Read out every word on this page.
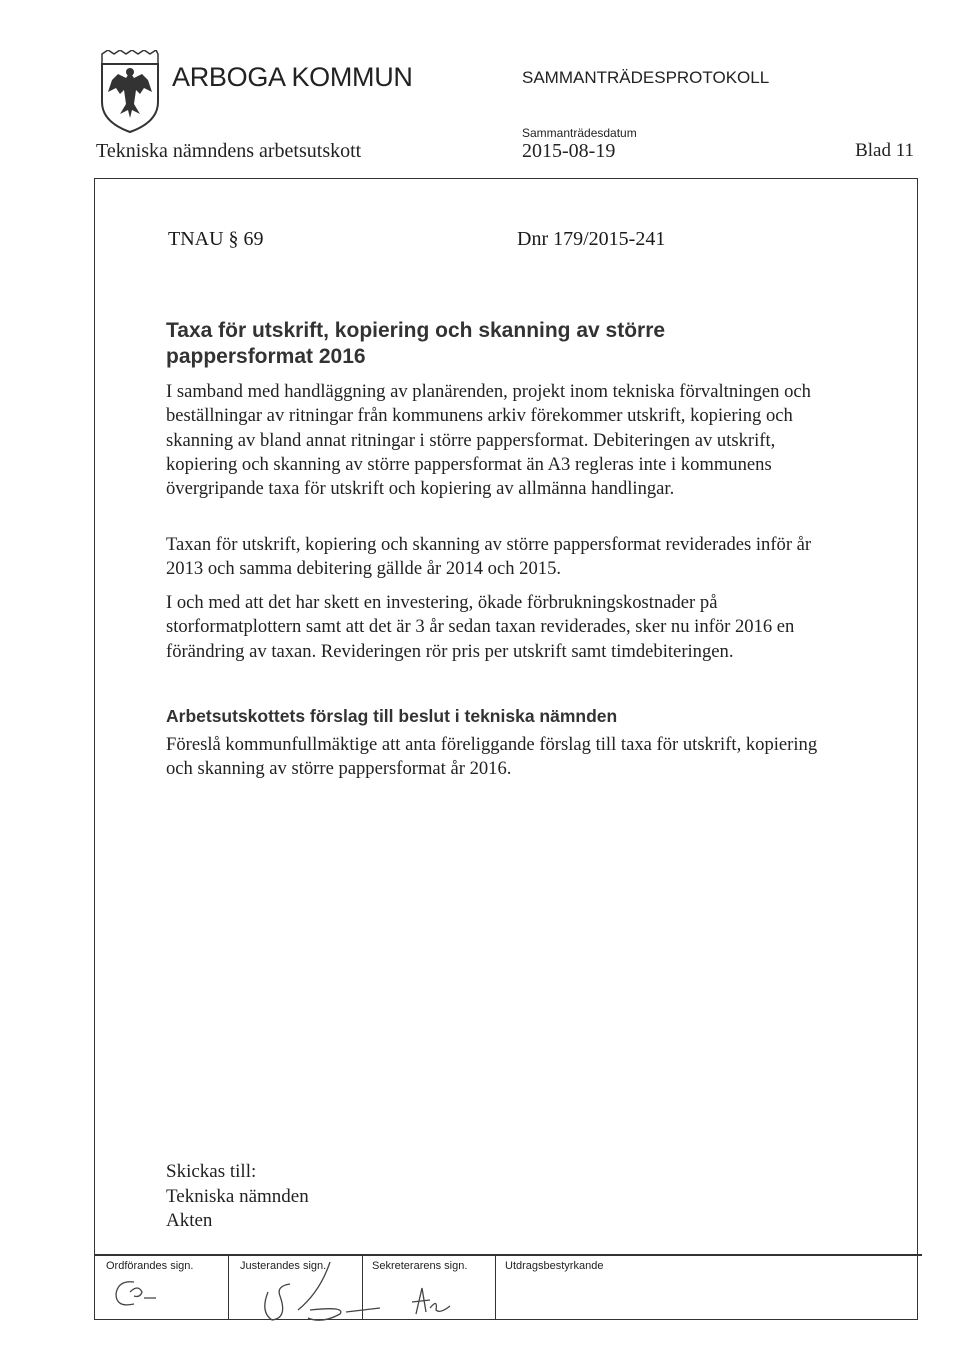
ARBOGA KOMMUN	SAMMANTRÄDESPROTOKOLL
Sammanträdesdatum
Tekniska nämndens arbetsutskott	2015-08-19	Blad 11
TNAU § 69	Dnr 179/2015-241
Taxa för utskrift, kopiering och skanning av större pappersformat 2016
I samband med handläggning av planärenden, projekt inom tekniska förvaltningen och beställningar av ritningar från kommunens arkiv förekommer utskrift, kopiering och skanning av bland annat ritningar i större pappersformat. Debiteringen av utskrift, kopiering och skanning av större pappersformat än A3 regleras inte i kommunens övergripande taxa för utskrift och kopiering av allmänna handlingar.
Taxan för utskrift, kopiering och skanning av större pappersformat reviderades inför år 2013 och samma debitering gällde år 2014 och 2015.
I och med att det har skett en investering, ökade förbrukningskostnader på storformatplottern samt att det är 3 år sedan taxan reviderades, sker nu inför 2016 en förändring av taxan. Revideringen rör pris per utskrift samt timdebiteringen.
Arbetsutskottets förslag till beslut i tekniska nämnden
Föreslå kommunfullmäktige att anta föreliggande förslag till taxa för utskrift, kopiering och skanning av större pappersformat år 2016.
Skickas till:
Tekniska nämnden
Akten
Ordförandes sign.	Justerandes sign.	Sekreterarens sign.	Utdragsbestyrkande
